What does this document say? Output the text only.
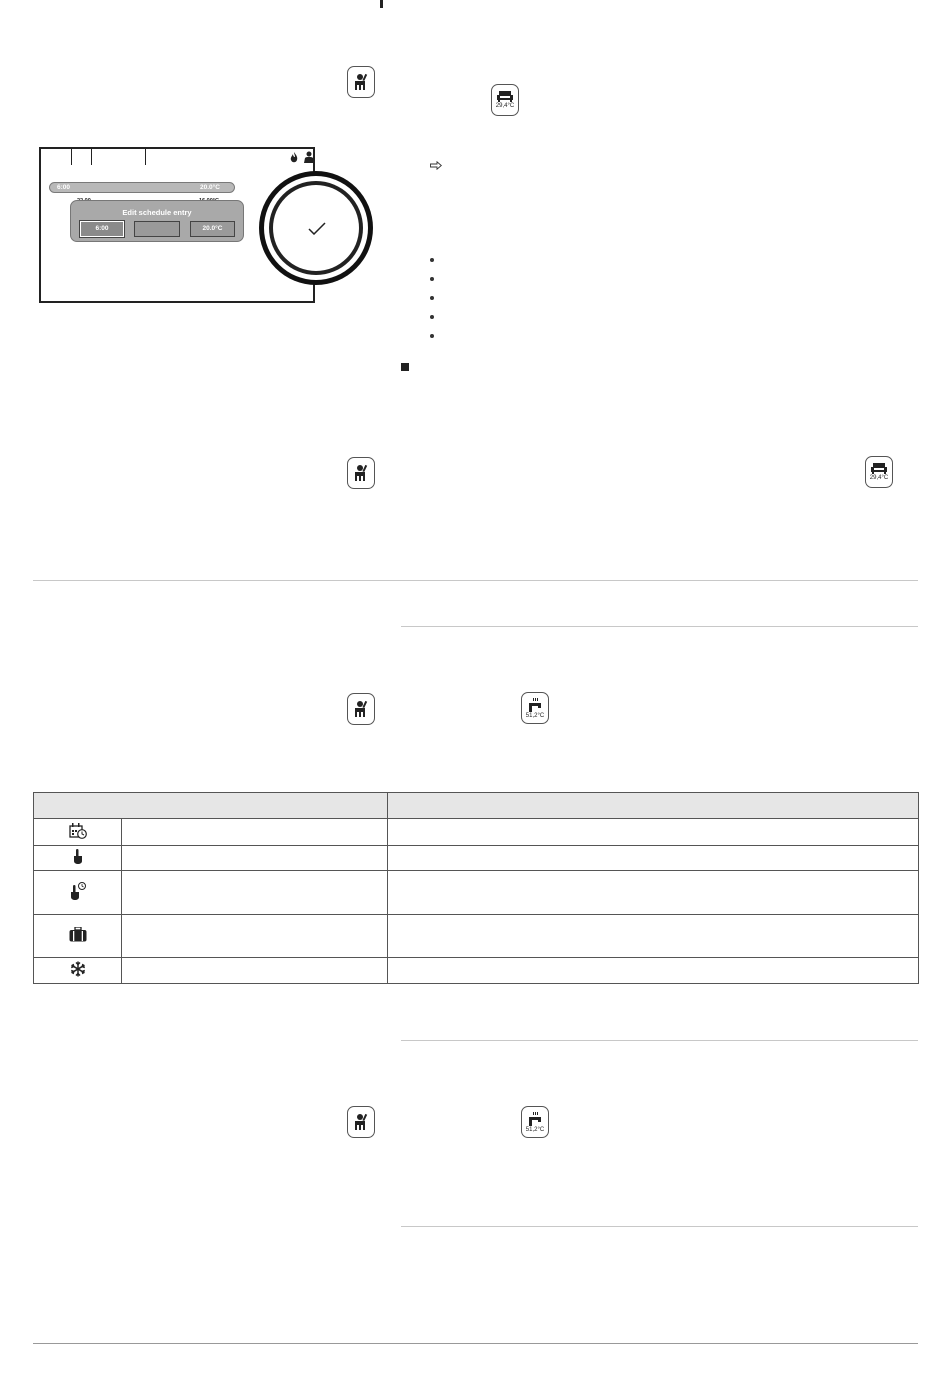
29,4°C
29,4°C
51,2°C
51,2°C
6:00	20.0°C
Edit schedule entry
6:00	20.0°C
